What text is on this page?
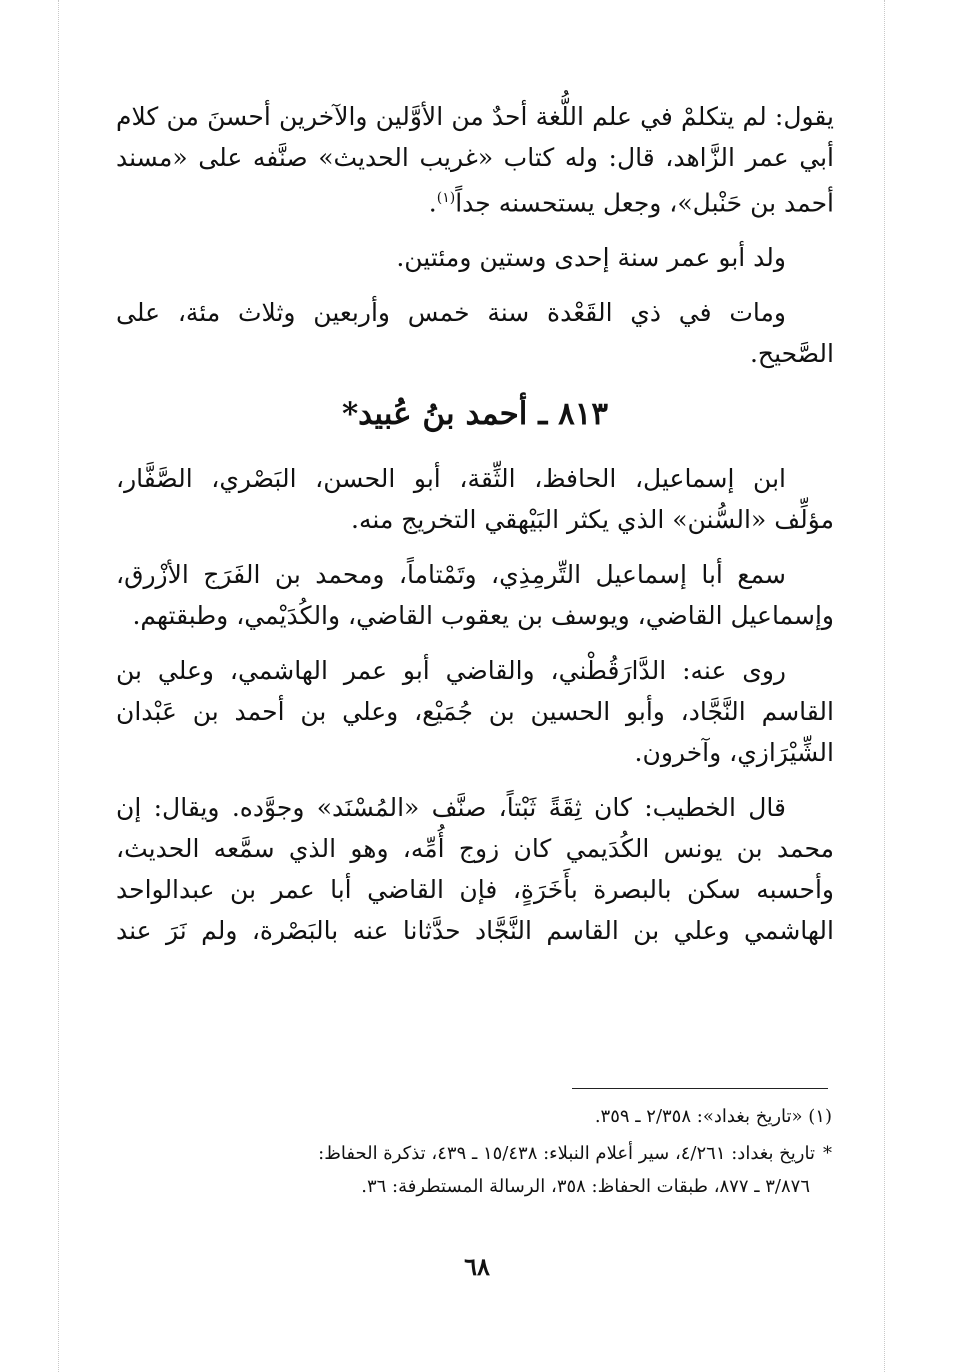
يقول: لم يتكلمْ في علم اللُّغة أحدٌ من الأوَّلين والآخرين أحسنَ من كلام
أبي عمر الزَّاهد، قال: وله كتاب «غريب الحديث» صنَّفه على «مسند
أحمد بن حَنْبل»، وجعل يستحسنه جداً$^{(١)}$.

ولد أبو عمر سنة إحدى وستين ومئتين.

ومات في ذي القَعْدة سنة خمس وأربعين وثلاث مئة، على
الصَّحيح.

٨١٣ ـ أحمد بنُ عُبيد*

ابن إسماعيل، الحافظ، الثِّقة، أبو الحسن، البَصْري، الصَّفَّار،
مؤلِّف «السُّنن» الذي يكثر البَيْهقي التخريج منه.

سمع أبا إسماعيل التِّرمِذِي، وتَمْتاماً، ومحمد بن الفَرَج الأزْرق،
وإسماعيل القاضي، ويوسف بن يعقوب القاضي، والكُدَيْمي، وطبقتهم.

روى عنه: الدَّارَقُطْني، والقاضي أبو عمر الهاشمي، وعلي بن
القاسم النَّجَّاد، وأبو الحسين بن جُمَيْع، وعلي بن أحمد بن عَبْدان
الشِّيْرَازي، وآخرون.

قال الخطيب: كان ثِقَةً ثَبْتاً، صنَّف «المُسْنَد» وجوَّده. ويقال: إن
محمد بن يونس الكُدَيمي كان زوج أُمِّه، وهو الذي سمَّعه الحديث،
وأحسبه سكن بالبصرة بأَخَرَةٍ، فإن القاضي أبا عمر بن عبدالواحد
الهاشمي وعلي بن القاسم النَّجَّاد حدَّثانا عنه بالبَصْرة، ولم نَرَ عند

(١) «تاريخ بغداد»: ٢/٣٥٨ ـ ٣٥٩.

*تاريخ بغداد: ٤/٢٦١، سير أعلام النبلاء: ١٥/٤٣٨ ـ ٤٣٩، تذكرة الحفاظ:
٣/٨٧٦ ـ ٨٧٧، طبقات الحفاظ: ٣٥٨، الرسالة المستطرفة: ٣٦.

٦٨
